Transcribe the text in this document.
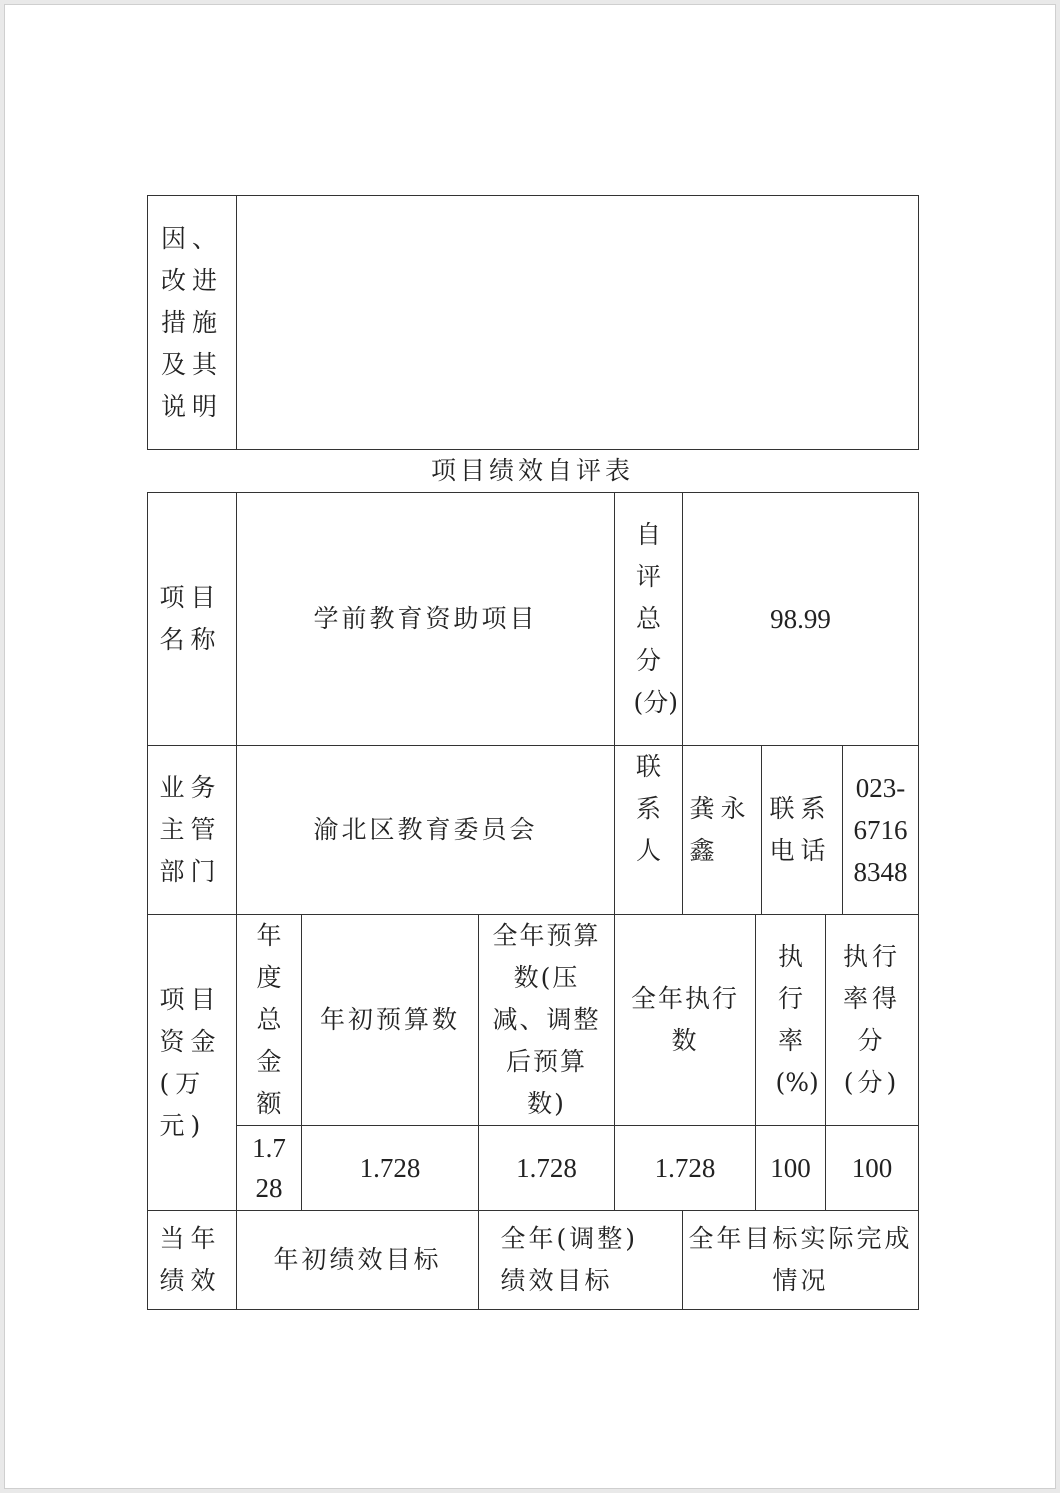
因、改进措施及其说明

项目绩效自评表
项目名称	学前教育资助项目			自评总分(分)	98.99				

业务主管部门	渝北区教育委员会			联系人	龚永鑫		联系电话		023-67168348

项目资金(万元)	年度总金额	年初预算数	全年预算数(压减、调整后预算数)	全年执行数		执行率(%)		执行率得分(分)	

	1.728	1.728	1.728	1.728		100		100	

当年绩效	年初绩效目标		全年(调整)绩效目标		全年目标实际完成情况				
